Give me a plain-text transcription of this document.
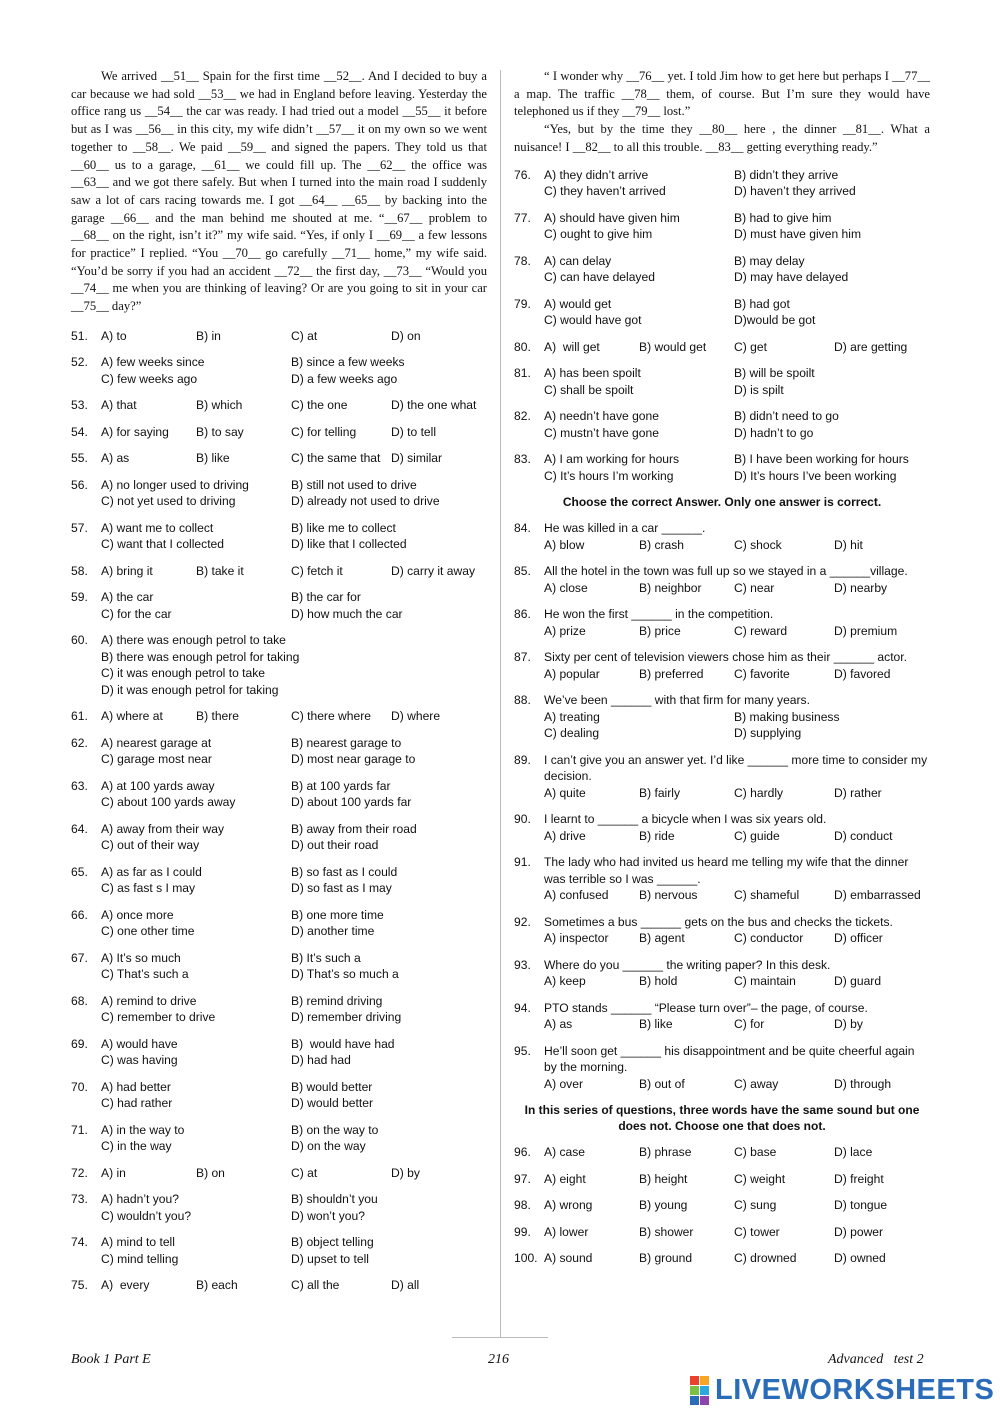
We arrived __51__ Spain for the first time __52__. And I decided to buy a car because we had sold __53__ we had in England before leaving. Yesterday the office rang us __54__ the car was ready. I had tried out a model __55__ it before but as I was __56__ in this city, my wife didn’t __57__ it on my own so we went together to __58__. We paid __59__ and signed the papers. They told us that __60__ us to a garage, __61__ we could fill up. The __62__ the office was __63__ and we got there safely. But when I turned into the main road I suddenly saw a lot of cars racing towards me. I got __64__ __65__ by backing into the garage __66__ and the man behind me shouted at me. “__67__ problem to __68__ on the right, isn’t it?” my wife said. “Yes, if only I __69__ a few lessons for practice” I replied. “You __70__ go carefully __71__ home,” my wife said. “You’d be sorry if you had an accident __72__ the first day, __73__ “Would you __74__ me when you are thinking of leaving? Or are you going to sit in your car __75__ day?”

51.	A) to	B) in	C) at	D) on
52.	A) few weeks since	B) since a few weeks
C) few weeks ago	D) a few weeks ago
53.	A) that	B) which	C) the one	D) the one what
54.	A) for saying	B) to say	C) for telling	D) to tell
55.	A) as	B) like	C) the same that D) similar
56.	A) no longer used to driving	B) still not used to drive
C) not yet used to driving	D) already not used to drive
57.	A) want me to collect	B) like me to collect
C) want that I collected	D) like that I collected
58.	A) bring it	B) take it	C) fetch it	D) carry it away
59.	A) the car	B) the car for
C) for the car	D) how much the car
60.	A) there was enough petrol to take
B) there was enough petrol for taking
C) it was enough petrol to take
D) it was enough petrol for taking
61.	A) where at	B) there	C) there where	D) where
62.	A) nearest garage at	B) nearest garage to
C) garage most near	D) most near garage to
63.	A) at 100 yards away	B) at 100 yards far
C) about 100 yards away	D) about 100 yards far
64.	A) away from their way	B) away from their road
C) out of their way	D) out their road
65.	A) as far as I could	B) so fast as I could
C) as fast s I may	D) so fast as I may
66.	A) once more	B) one more time
C) one other time	D) another time
67.	A) It’s so much	B) It’s such a
C) That’s such a	D) That’s so much a
68.	A) remind to drive	B) remind driving
C) remember to drive	D) remember driving
69.	A) would have	B)  would have had
C) was having	D) had had
70.	A) had better	B) would better
C) had rather	D) would better
71.	A) in the way to	B) on the way to
C) in the way	D) on the way
72.	A) in	B) on	C) at	D) by
73.	A) hadn’t you?	B) shouldn’t you
C) wouldn’t you?	D) won’t you?
74.	A) mind to tell	B) object telling
C) mind telling	D) upset to tell
75.	A)  every	B) each	C) all the	D) all

“ I wonder why __76__ yet. I told Jim how to get here but perhaps I __77__ a map. The traffic __78__ them, of course. But I’m sure they would have telephoned us if they __79__ lost.”

“Yes, but by the time they __80__ here , the dinner __81__. What a nuisance! I __82__ to all this trouble. __83__ getting everything ready.”

76.	A) they didn’t arrive	B) didn’t they arrive
C) they haven’t arrived	D) haven’t they arrived
77.	A) should have given him	B) had to give him
C) ought to give him	D) must have given him
78.	A) can delay	B) may delay
C) can have delayed	D) may have delayed
79.	A) would get	B) had got
C) would have got	D)would be got
80.	A)  will get	B) would get	C) get	D) are getting
81.	A) has been spoilt	B) will be spoilt
C) shall be spoilt	D) is spilt
82.	A) needn’t have gone	B) didn’t need to go
C) mustn’t have gone	D) hadn’t to go
83.	A) I am working for hours	B) I have been working for hours
C) It’s hours I’m working	D) It’s hours I’ve been working
Choose the correct Answer. Only one answer is correct.
84.	He was killed in a car ______.
A) blow	B) crash	C) shock	D) hit
85.	All the hotel in the town was full up so we stayed in a ______village.
A) close	B) neighbor	C) near	D) nearby
86.	He won the first ______ in the competition.
A) prize	B) price	C) reward	D) premium
87.	Sixty per cent of television viewers chose him as their ______ actor.
A) popular	B) preferred	C) favorite	D) favored
88.	We’ve been ______ with that firm for many years.
A) treating	B) making business
C) dealing	D) supplying
89.	I can’t give you an answer yet. I’d like ______ more time to consider my decision.
A) quite	B) fairly	C) hardly	D) rather
90.	I learnt to ______ a bicycle when I was six years old.
A) drive	B) ride	C) guide	D) conduct
91.	The lady who had invited us heard me telling my wife that the dinner was terrible so I was ______.
A) confused	B) nervous	C) shameful	D) embarrassed
92.	Sometimes a bus ______ gets on the bus and checks the tickets.
A) inspector	B) agent	C) conductor	D) officer
93.	Where do you ______ the writing paper? In this desk.
A) keep	B) hold	C) maintain	D) guard
94.	PTO stands ______ “Please turn over”– the page, of course.
A) as	B) like	C) for	D) by
95.	He’ll soon get ______ his disappointment and be quite cheerful again by the morning.
A) over	B) out of	C) away	D) through
In this series of questions, three words have the same sound but one does not. Choose one that does not.
96.	A) case	B) phrase	C) base	D) lace
97.	A) eight	B) height	C) weight	D) freight
98.	A) wrong	B) young	C) sung	D) tongue
99.	A) lower	B) shower	C) tower	D) power
100. A) sound	B) ground	C) drowned	D) owned
Book 1 Part E	216	Advanced   test 2
LIVEWORKSHEETS
